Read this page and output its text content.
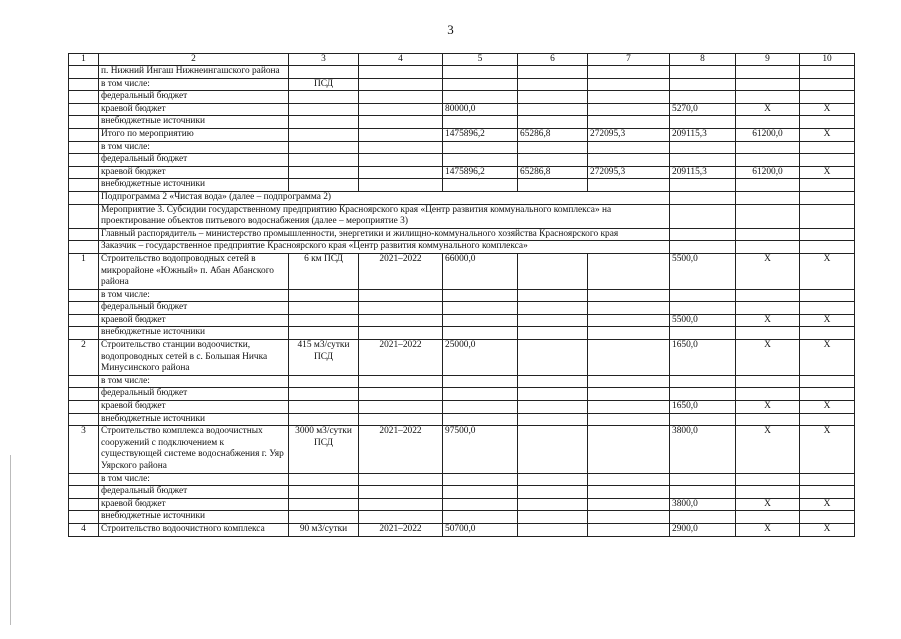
3
1	2	3	4	5	6	7	8	9	10
	п. Нижний Ингаш Нижнеингашского района								
	в том числе:	ПСД							
	федеральный бюджет								
	краевой бюджет			80000,0			5270,0	Х	Х
	внебюджетные источники								
	Итого по мероприятию			1475896,2	65286,8	272095,3	209115,3	61200,0	Х
	в том числе:								
	федеральный бюджет								
	краевой бюджет			1475896,2	65286,8	272095,3	209115,3	61200,0	Х
	внебюджетные источники								
	Подпрограмма 2 «Чистая вода» (далее – подпрограмма 2)								
	Мероприятие 3. Субсидии государственному предприятию Красноярского края «Центр развития коммунального комплекса» на проектирование объектов питьевого водоснабжения (далее – мероприятие 3)								
	Главный распорядитель – министерство промышленности, энергетики и жилищно-коммунального хозяйства Красноярского края								
	Заказчик – государственное предприятие Красноярского края «Центр развития коммунального комплекса»								
1	Строительство водопроводных сетей в микрорайоне «Южный» п. Абан Абанского района	6 км ПСД	2021–2022	66000,0			5500,0	Х	Х
	в том числе:								
	федеральный бюджет								
	краевой бюджет						5500,0	Х	Х
	внебюджетные источники								
2	Строительство станции водоочистки, водопроводных сетей в с. Большая Ничка Минусинского района	415 м3/сутки ПСД	2021–2022	25000,0			1650,0	Х	Х
	в том числе:								
	федеральный бюджет								
	краевой бюджет						1650,0	Х	Х
	внебюджетные источники								
3	Строительство комплекса водоочистных сооружений с подключением к существующей системе водоснабжения г. Уяр Уярского района	3000 м3/сутки ПСД	2021–2022	97500,0			3800,0	Х	Х
	в том числе:								
	федеральный бюджет								
	краевой бюджет						3800,0	Х	Х
	внебюджетные источники								
4	Строительство водоочистного комплекса	90 м3/сутки	2021–2022	50700,0			2900,0	Х	Х
